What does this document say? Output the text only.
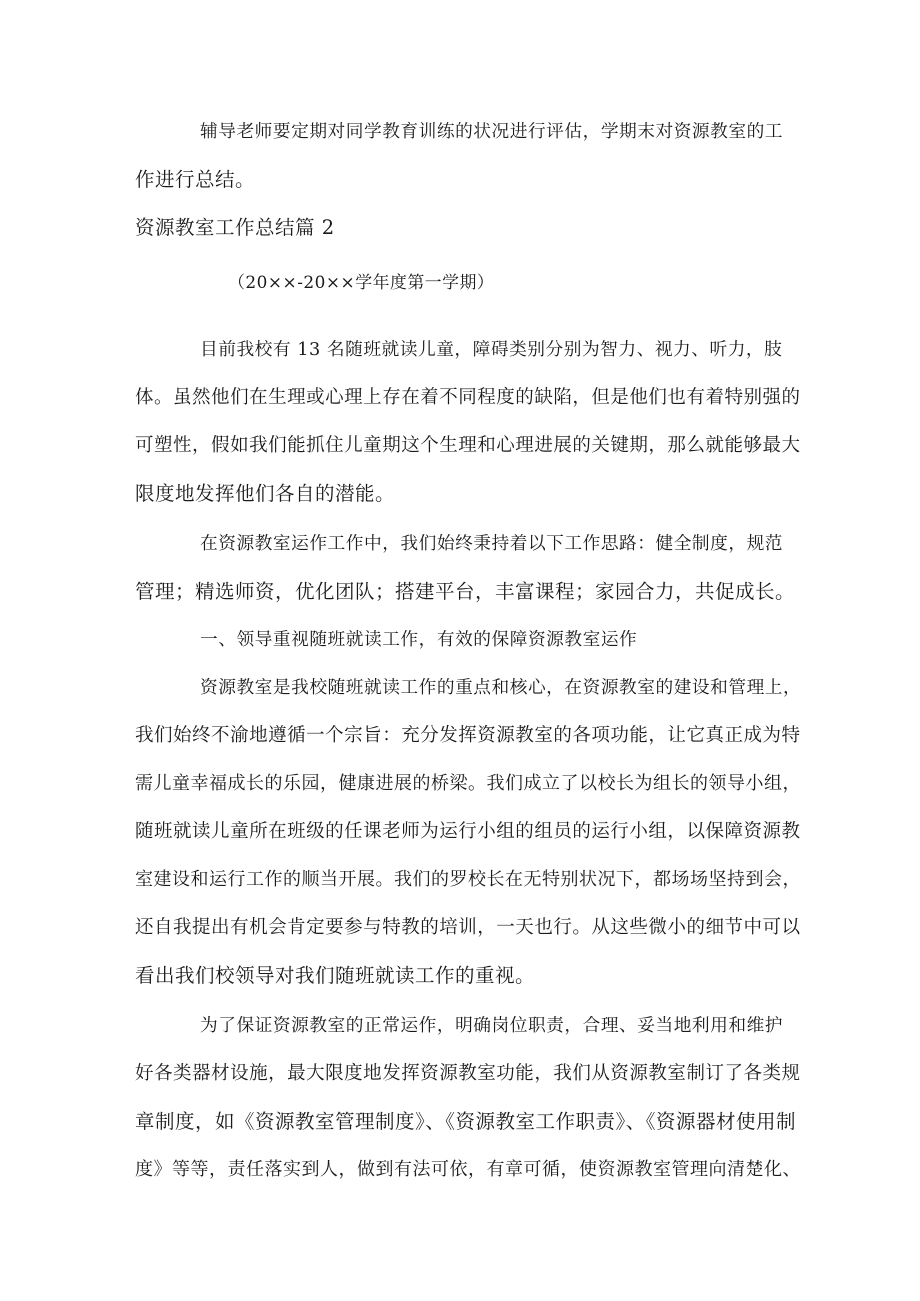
辅导老师要定期对同学教育训练的状况进行评估，学期末对资源教室的工
作进行总结。
资源教室工作总结篇 2
（20××-20××学年度第一学期）
目前我校有 13 名随班就读儿童，障碍类别分别为智力、视力、听力，肢
体。虽然他们在生理或心理上存在着不同程度的缺陷，但是他们也有着特别强的
可塑性，假如我们能抓住儿童期这个生理和心理进展的关键期，那么就能够最大
限度地发挥他们各自的潜能。
在资源教室运作工作中，我们始终秉持着以下工作思路：健全制度，规范
管理；精选师资，优化团队；搭建平台，丰富课程；家园合力，共促成长。
一、领导重视随班就读工作，有效的保障资源教室运作
资源教室是我校随班就读工作的重点和核心，在资源教室的建设和管理上，
我们始终不渝地遵循一个宗旨：充分发挥资源教室的各项功能，让它真正成为特
需儿童幸福成长的乐园，健康进展的桥梁。我们成立了以校长为组长的领导小组，
随班就读儿童所在班级的任课老师为运行小组的组员的运行小组，以保障资源教
室建设和运行工作的顺当开展。我们的罗校长在无特别状况下，都场场坚持到会，
还自我提出有机会肯定要参与特教的培训，一天也行。从这些微小的细节中可以
看出我们校领导对我们随班就读工作的重视。
为了保证资源教室的正常运作，明确岗位职责，合理、妥当地利用和维护
好各类器材设施，最大限度地发挥资源教室功能，我们从资源教室制订了各类规
章制度，如《资源教室管理制度》、《资源教室工作职责》、《资源器材使用制
度》等等，责任落实到人，做到有法可依，有章可循，使资源教室管理向清楚化、
